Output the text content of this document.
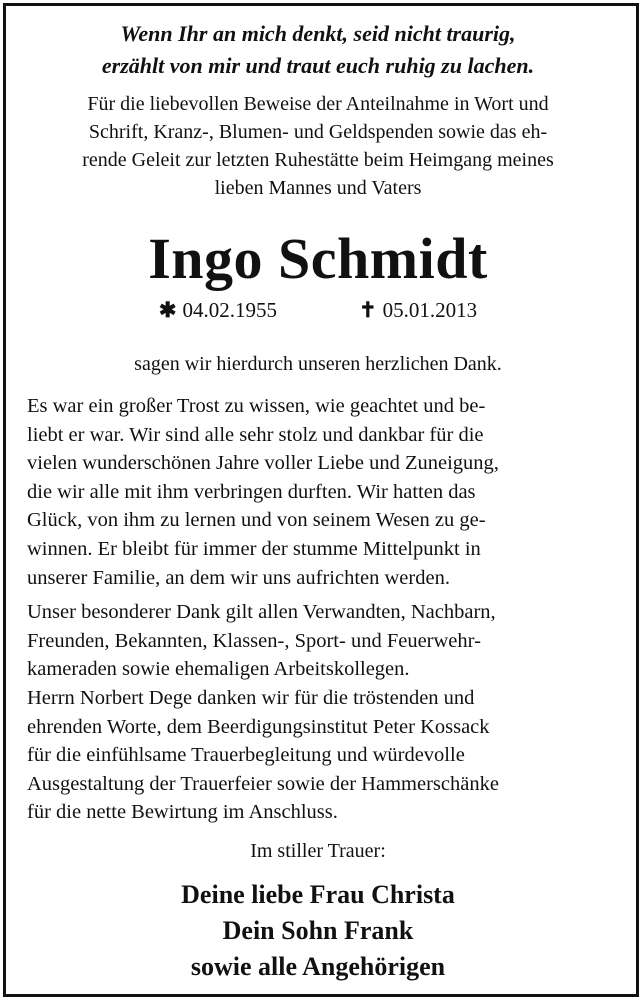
Wenn Ihr an mich denkt, seid nicht traurig,
erzählt von mir und traut euch ruhig zu lachen.

Für die liebevollen Beweise der Anteilnahme in Wort und
Schrift, Kranz-, Blumen- und Geldspenden sowie das eh-
rende Geleit zur letzten Ruhestätte beim Heimgang meines
lieben Mannes und Vaters

Ingo Schmidt
✱ 04.02.1955	✝ 05.01.2013

sagen wir hierdurch unseren herzlichen Dank.

Es war ein großer Trost zu wissen, wie geachtet und be-
liebt er war. Wir sind alle sehr stolz und dankbar für die
vielen wunderschönen Jahre voller Liebe und Zuneigung,
die wir alle mit ihm verbringen durften. Wir hatten das
Glück, von ihm zu lernen und von seinem Wesen zu ge-
winnen. Er bleibt für immer der stumme Mittelpunkt in
unserer Familie, an dem wir uns aufrichten werden.

Unser besonderer Dank gilt allen Verwandten, Nachbarn,
Freunden, Bekannten, Klassen-, Sport- und Feuerwehr-
kameraden sowie ehemaligen Arbeitskollegen.
Herrn Norbert Dege danken wir für die tröstenden und
ehrenden Worte, dem Beerdigungsinstitut Peter Kossack
für die einfühlsame Trauerbegleitung und würdevolle
Ausgestaltung der Trauerfeier sowie der Hammerschänke
für die nette Bewirtung im Anschluss.

Im stiller Trauer:

Deine liebe Frau Christa
Dein Sohn Frank
sowie alle Angehörigen
